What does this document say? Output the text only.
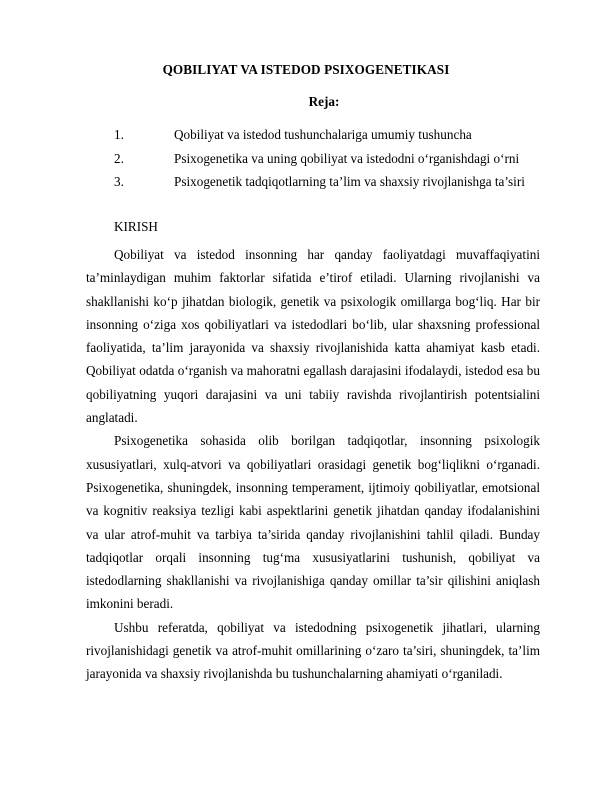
QOBILIYAT VA ISTEDOD PSIXOGENETIKASI
Reja:
1.	Qobiliyat va istedod tushunchalariga umumiy tushuncha
2.	Psixogenetika va uning qobiliyat va istedodni o‘rganishdagi o‘rni
3.	Psixogenetik tadqiqotlarning ta’lim va shaxsiy rivojlanishga ta’siri
KIRISH

Qobiliyat va istedod insonning har qanday faoliyatdagi muvaffaqiyatini ta’minlaydigan muhim faktorlar sifatida e’tirof etiladi. Ularning rivojlanishi va shakllanishi ko‘p jihatdan biologik, genetik va psixologik omillarga bog‘liq. Har bir insonning o‘ziga xos qobiliyatlari va istedodlari bo‘lib, ular shaxsning professional faoliyatida, ta’lim jarayonida va shaxsiy rivojlanishida katta ahamiyat kasb etadi. Qobiliyat odatda o‘rganish va mahoratni egallash darajasini ifodalaydi, istedod esa bu qobiliyatning yuqori darajasini va uni tabiiy ravishda rivojlantirish potentsialini anglatadi.

Psixogenetika sohasida olib borilgan tadqiqotlar, insonning psixologik xususiyatlari, xulq-atvori va qobiliyatlari orasidagi genetik bog‘liqlikni o‘rganadi. Psixogenetika, shuningdek, insonning temperament, ijtimoiy qobiliyatlar, emotsional va kognitiv reaksiya tezligi kabi aspektlarini genetik jihatdan qanday ifodalanishini va ular atrof-muhit va tarbiya ta’sirida qanday rivojlanishini tahlil qiladi. Bunday tadqiqotlar orqali insonning tug‘ma xususiyatlarini tushunish, qobiliyat va istedodlarning shakllanishi va rivojlanishiga qanday omillar ta’sir qilishini aniqlash imkonini beradi.

Ushbu referatda, qobiliyat va istedodning psixogenetik jihatlari, ularning rivojlanishidagi genetik va atrof-muhit omillarining o‘zaro ta’siri, shuningdek, ta’lim jarayonida va shaxsiy rivojlanishda bu tushunchalarning ahamiyati o‘rganiladi.
